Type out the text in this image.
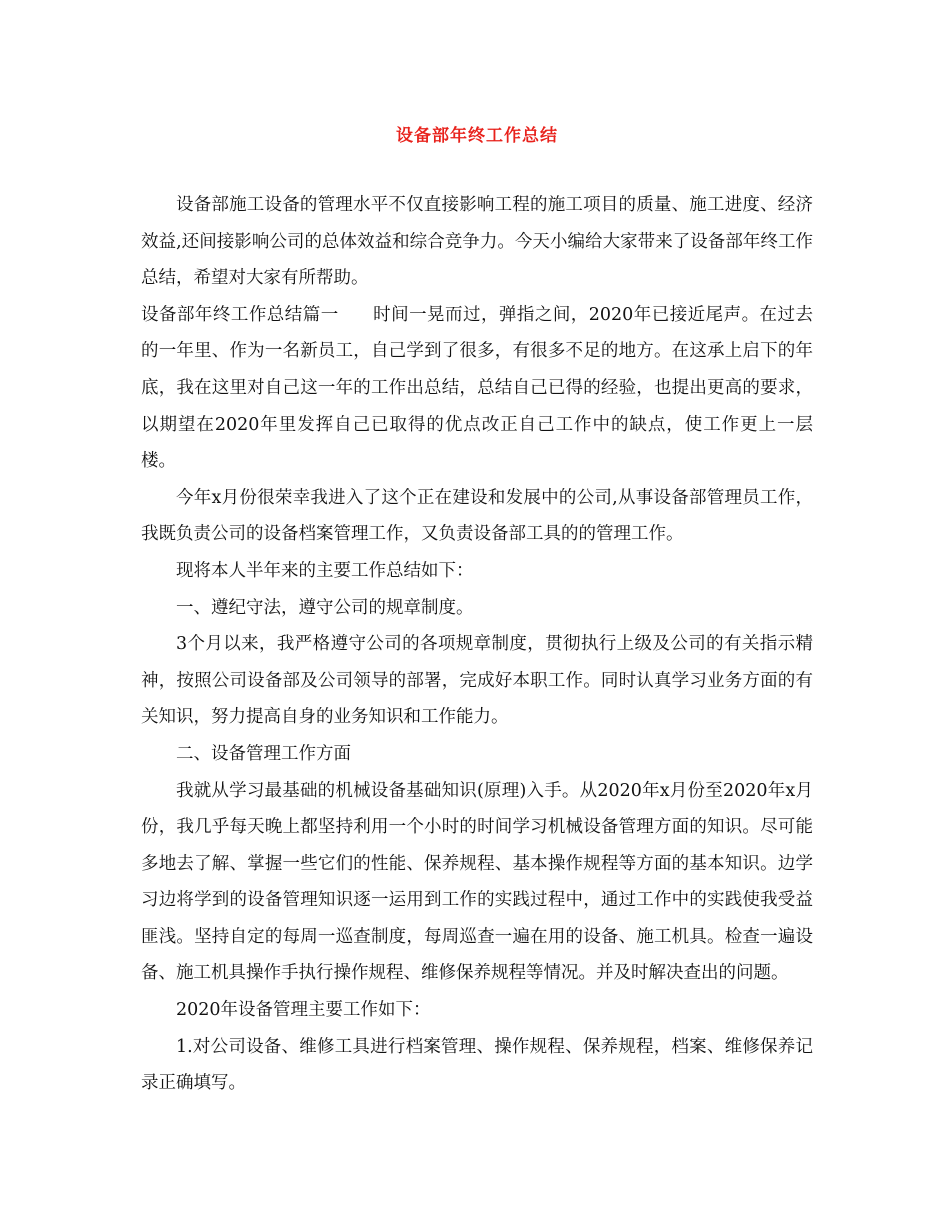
设备部年终工作总结

设备部施工设备的管理水平不仅直接影响工程的施工项目的质量、施工进度、经济效益,还间接影响公司的总体效益和综合竞争力。今天小编给大家带来了设备部年终工作总结，希望对大家有所帮助。

设备部年终工作总结篇一 时间一晃而过，弹指之间，2020年已接近尾声。在过去的一年里、作为一名新员工，自己学到了很多，有很多不足的地方。在这承上启下的年底，我在这里对自己这一年的工作出总结，总结自己已得的经验，也提出更高的要求，以期望在2020年里发挥自己已取得的优点改正自己工作中的缺点，使工作更上一层楼。

今年x月份很荣幸我进入了这个正在建设和发展中的公司,从事设备部管理员工作，我既负责公司的设备档案管理工作，又负责设备部工具的的管理工作。

现将本人半年来的主要工作总结如下：

一、遵纪守法，遵守公司的规章制度。

3个月以来，我严格遵守公司的各项规章制度，贯彻执行上级及公司的有关指示精神，按照公司设备部及公司领导的部署，完成好本职工作。同时认真学习业务方面的有关知识，努力提高自身的业务知识和工作能力。

二、设备管理工作方面

我就从学习最基础的机械设备基础知识(原理)入手。从2020年x月份至2020年x月份，我几乎每天晚上都坚持利用一个小时的时间学习机械设备管理方面的知识。尽可能多地去了解、掌握一些它们的性能、保养规程、基本操作规程等方面的基本知识。边学习边将学到的设备管理知识逐一运用到工作的实践过程中，通过工作中的实践使我受益匪浅。坚持自定的每周一巡查制度，每周巡查一遍在用的设备、施工机具。检查一遍设备、施工机具操作手执行操作规程、维修保养规程等情况。并及时解决查出的问题。

2020年设备管理主要工作如下：

1.对公司设备、维修工具进行档案管理、操作规程、保养规程，档案、维修保养记录正确填写。
